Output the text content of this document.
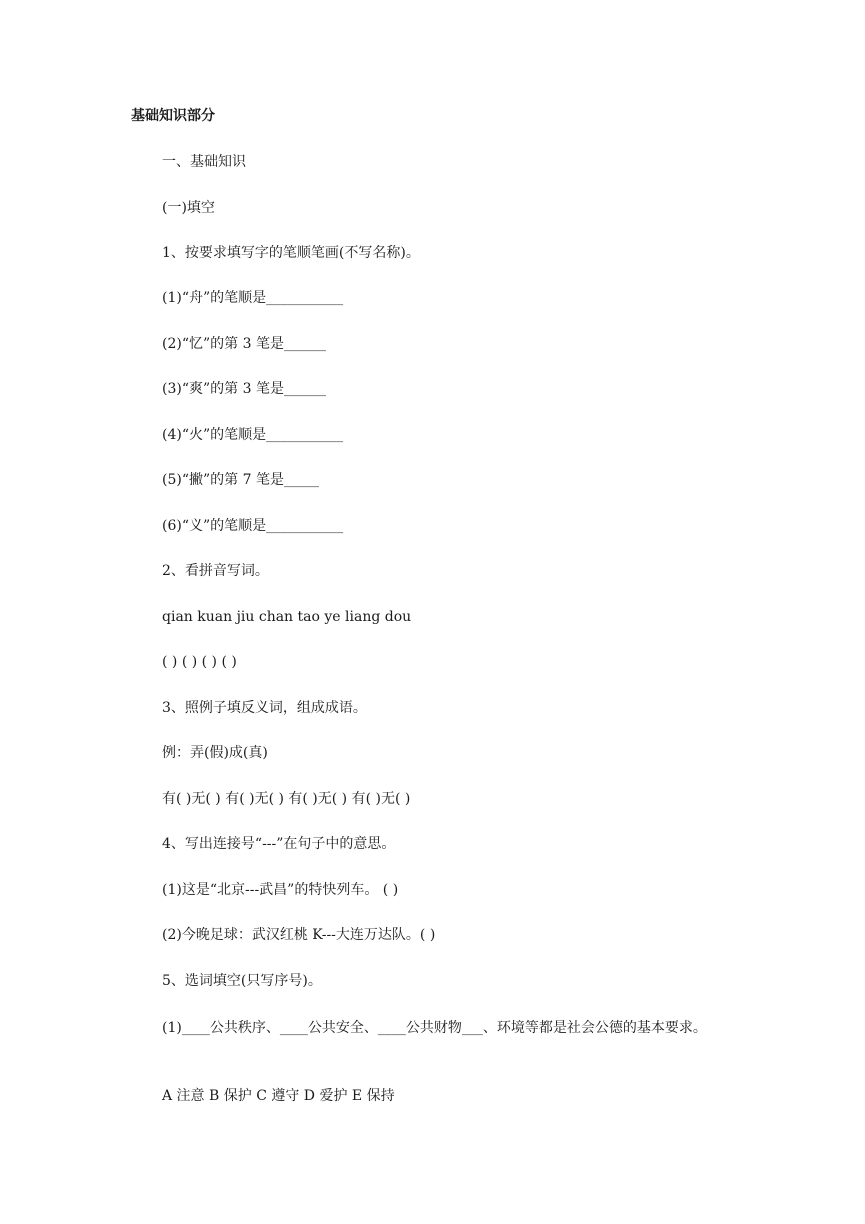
基础知识部分
一、基础知识
(一)填空
1、按要求填写字的笔顺笔画(不写名称)。
(1)“舟”的笔顺是___________
(2)“忆”的第 3 笔是______
(3)“爽”的第 3 笔是______
(4)“火”的笔顺是___________
(5)“撇”的第 7 笔是_____
(6)“义”的笔顺是___________
2、看拼音写词。
qian kuan jiu chan tao ye liang dou
( ) ( ) ( ) ( )
3、照例子填反义词，组成成语。
例：弄(假)成(真)
有( )无( ) 有( )无( ) 有( )无( ) 有( )无( )
4、写出连接号“---”在句子中的意思。
(1)这是“北京---武昌”的特快列车。 ( )
(2)今晚足球：武汉红桃 K---大连万达队。( )
5、选词填空(只写序号)。
(1)____公共秩序、____公共安全、____公共财物___、环境等都是社会公德的基本要求。
A 注意 B 保护 C 遵守 D 爱护 E 保持
